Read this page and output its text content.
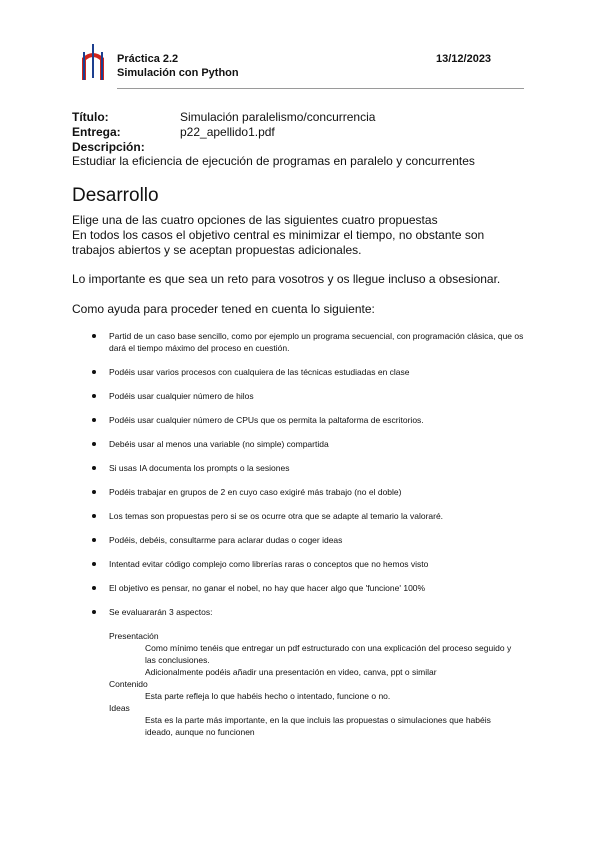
Práctica 2.2
Simulación con Python
13/12/2023
Título:	Simulación paralelismo/concurrencia
Entrega:	p22_apellido1.pdf
Descripción:
Estudiar la eficiencia de ejecución de programas en paralelo y concurrentes
Desarrollo
Elige una de las cuatro opciones de las siguientes cuatro propuestas
En todos los casos el objetivo central es minimizar el tiempo, no obstante son trabajos abiertos y se aceptan propuestas adicionales.
Lo importante es que sea un reto para vosotros y os llegue incluso a obsesionar.
Como ayuda para proceder tened en cuenta lo siguiente:
Partid de un caso base sencillo, como por ejemplo un programa secuencial, con programación clásica, que os dará el tiempo máximo del proceso en cuestión.
Podéis usar varios procesos con cualquiera de las técnicas estudiadas en clase
Podéis usar cualquier número de hilos
Podéis usar cualquier número de CPUs que os permita la paltaforma de escritorios.
Debéis usar al menos una variable (no simple) compartida
Si usas IA documenta los prompts o la sesiones
Podéis trabajar en grupos de 2 en cuyo caso exigiré más trabajo (no el doble)
Los temas son propuestas pero si se os ocurre otra que se adapte al temario la valoraré.
Podéis, debéis, consultarme para aclarar dudas o coger ideas
Intentad evitar código complejo como librerías raras o conceptos que no hemos visto
El objetivo es pensar, no ganar el nobel, no hay que hacer algo que 'funcione' 100%
Se evaluararán 3 aspectos:
Presentación
Como mínimo tenéis que entregar un pdf estructurado con una explicación del proceso seguido y las conclusiones.
Adicionalmente podéis añadir una presentación en video, canva, ppt o similar
Contenido
Esta parte refleja lo que habéis hecho o intentado, funcione o no.
Ideas
Esta es la parte más importante, en la que incluis las propuestas o simulaciones que habéis ideado, aunque no funcionen
